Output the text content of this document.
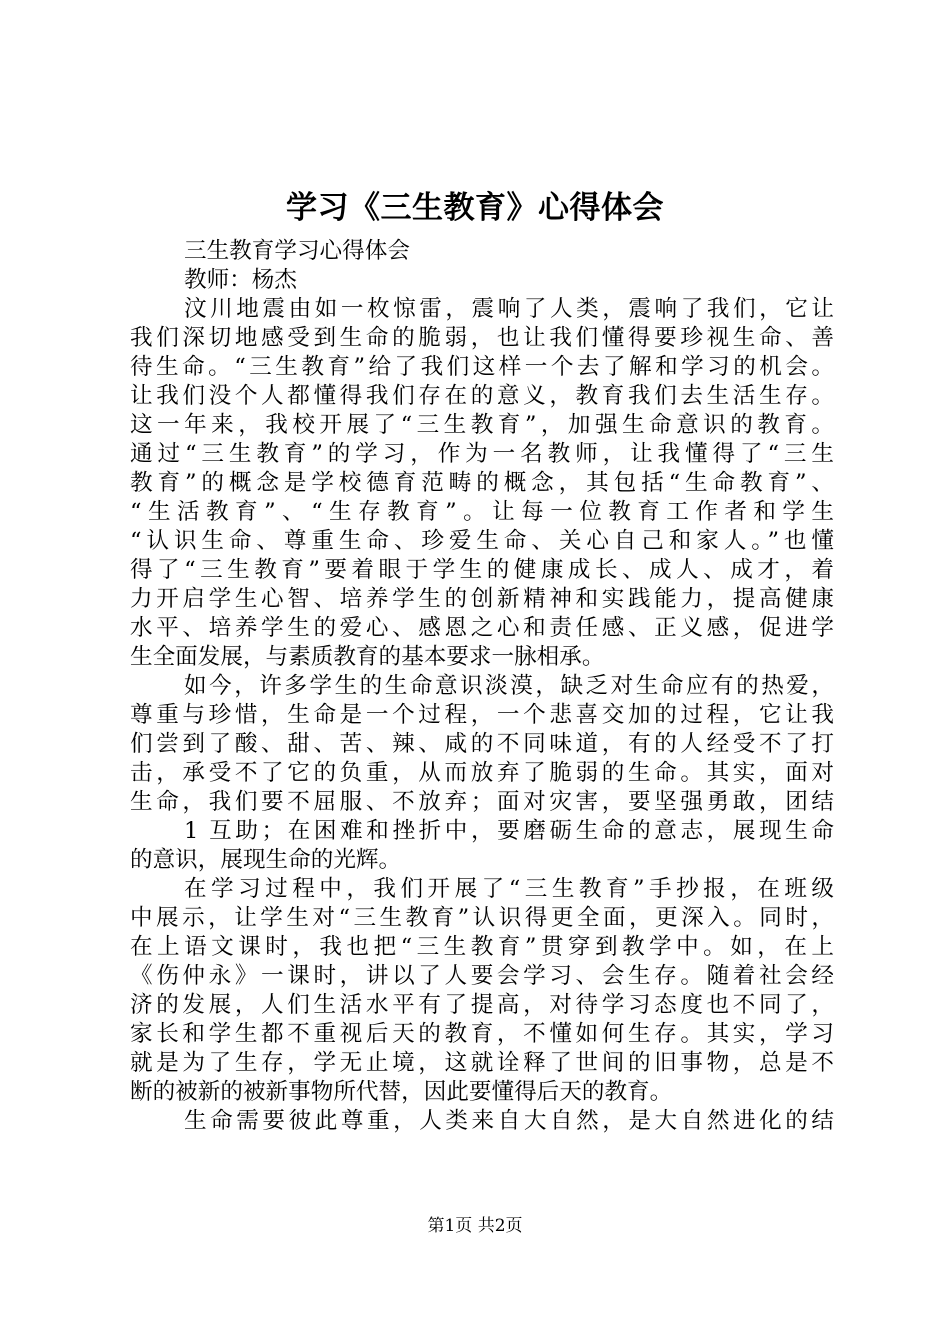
学习《三生教育》心得体会
三生教育学习心得体会
教师：杨杰
汶川地震由如一枚惊雷，震响了人类，震响了我们，它让
我们深切地感受到生命的脆弱，也让我们懂得要珍视生命、善
待生命。“三生教育”给了我们这样一个去了解和学习的机会。
让我们没个人都懂得我们存在的意义，教育我们去生活生存。
这一年来，我校开展了“三生教育”，加强生命意识的教育。
通过“三生教育”的学习，作为一名教师，让我懂得了“三生
教育”的概念是学校德育范畴的概念，其包括“生命教育”、
“生活教育”、“生存教育”。让每一位教育工作者和学生
“认识生命、尊重生命、珍爱生命、关心自己和家人。”也懂
得了“三生教育”要着眼于学生的健康成长、成人、成才，着
力开启学生心智、培养学生的创新精神和实践能力，提高健康
水平、培养学生的爱心、感恩之心和责任感、正义感，促进学
生全面发展，与素质教育的基本要求一脉相承。
如今，许多学生的生命意识淡漠，缺乏对生命应有的热爱，
尊重与珍惜，生命是一个过程，一个悲喜交加的过程，它让我
们尝到了酸、甜、苦、辣、咸的不同味道，有的人经受不了打
击，承受不了它的负重，从而放弃了脆弱的生命。其实，面对
生命，我们要不屈服、不放弃；面对灾害，要坚强勇敢，团结
1 互助；在困难和挫折中，要磨砺生命的意志，展现生命
的意识，展现生命的光辉。
在学习过程中，我们开展了“三生教育”手抄报，在班级
中展示，让学生对“三生教育”认识得更全面，更深入。同时，
在上语文课时，我也把“三生教育”贯穿到教学中。如，在上
《伤仲永》一课时，讲以了人要会学习、会生存。随着社会经
济的发展，人们生活水平有了提高，对待学习态度也不同了，
家长和学生都不重视后天的教育，不懂如何生存。其实，学习
就是为了生存，学无止境，这就诠释了世间的旧事物，总是不
断的被新的被新事物所代替，因此要懂得后天的教育。
生命需要彼此尊重，人类来自大自然，是大自然进化的结
第1页 共2页
